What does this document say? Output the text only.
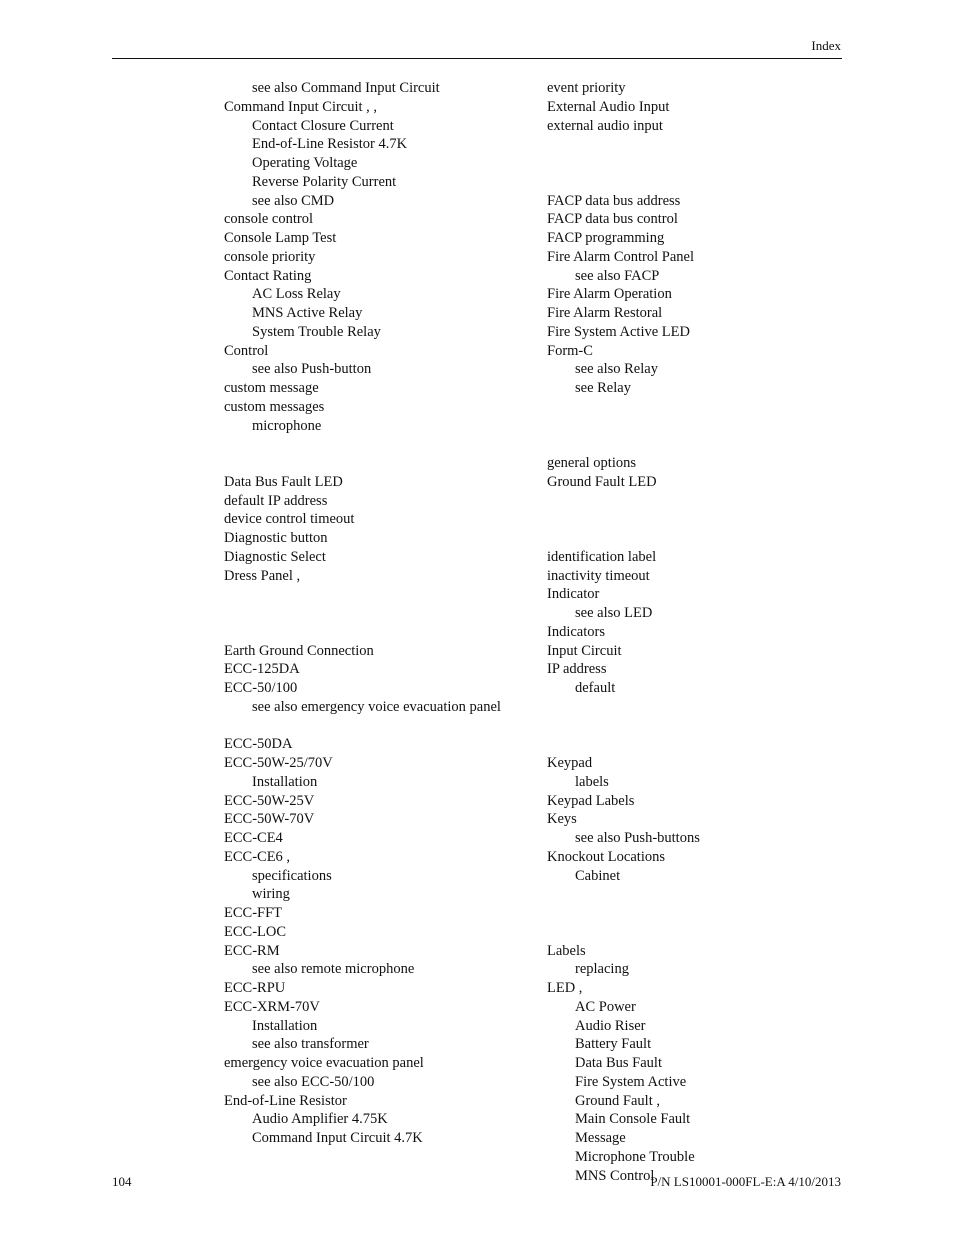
Index
see also Command Input Circuit
Command Input Circuit , ,
Contact Closure Current
End-of-Line Resistor 4.7K
Operating Voltage
Reverse Polarity Current
see also CMD
console control
Console Lamp Test
console priority
Contact Rating
AC Loss Relay
MNS Active Relay
System Trouble Relay
Control
see also Push-button
custom message
custom messages
microphone
Data Bus Fault LED
default IP address
device control timeout
Diagnostic button
Diagnostic Select
Dress Panel ,
Earth Ground Connection
ECC-125DA
ECC-50/100
see also emergency voice evacuation panel
ECC-50DA
ECC-50W-25/70V
Installation
ECC-50W-25V
ECC-50W-70V
ECC-CE4
ECC-CE6 ,
specifications
wiring
ECC-FFT
ECC-LOC
ECC-RM
see also remote microphone
ECC-RPU
ECC-XRM-70V
Installation
see also transformer
emergency voice evacuation panel
see also ECC-50/100
End-of-Line Resistor
Audio Amplifier 4.75K
Command Input Circuit 4.7K
event priority
External Audio Input
external audio input
FACP data bus address
FACP data bus control
FACP programming
Fire Alarm Control Panel
see also FACP
Fire Alarm Operation
Fire Alarm Restoral
Fire System Active LED
Form-C
see also Relay
see Relay
general options
Ground Fault LED
identification label
inactivity timeout
Indicator
see also LED
Indicators
Input Circuit
IP address
default
Keypad
labels
Keypad Labels
Keys
see also Push-buttons
Knockout Locations
Cabinet
Labels
replacing
LED ,
AC Power
Audio Riser
Battery Fault
Data Bus Fault
Fire System Active
Ground Fault ,
Main Console Fault
Message
Microphone Trouble
MNS Control
104	P/N LS10001-000FL-E:A 4/10/2013
